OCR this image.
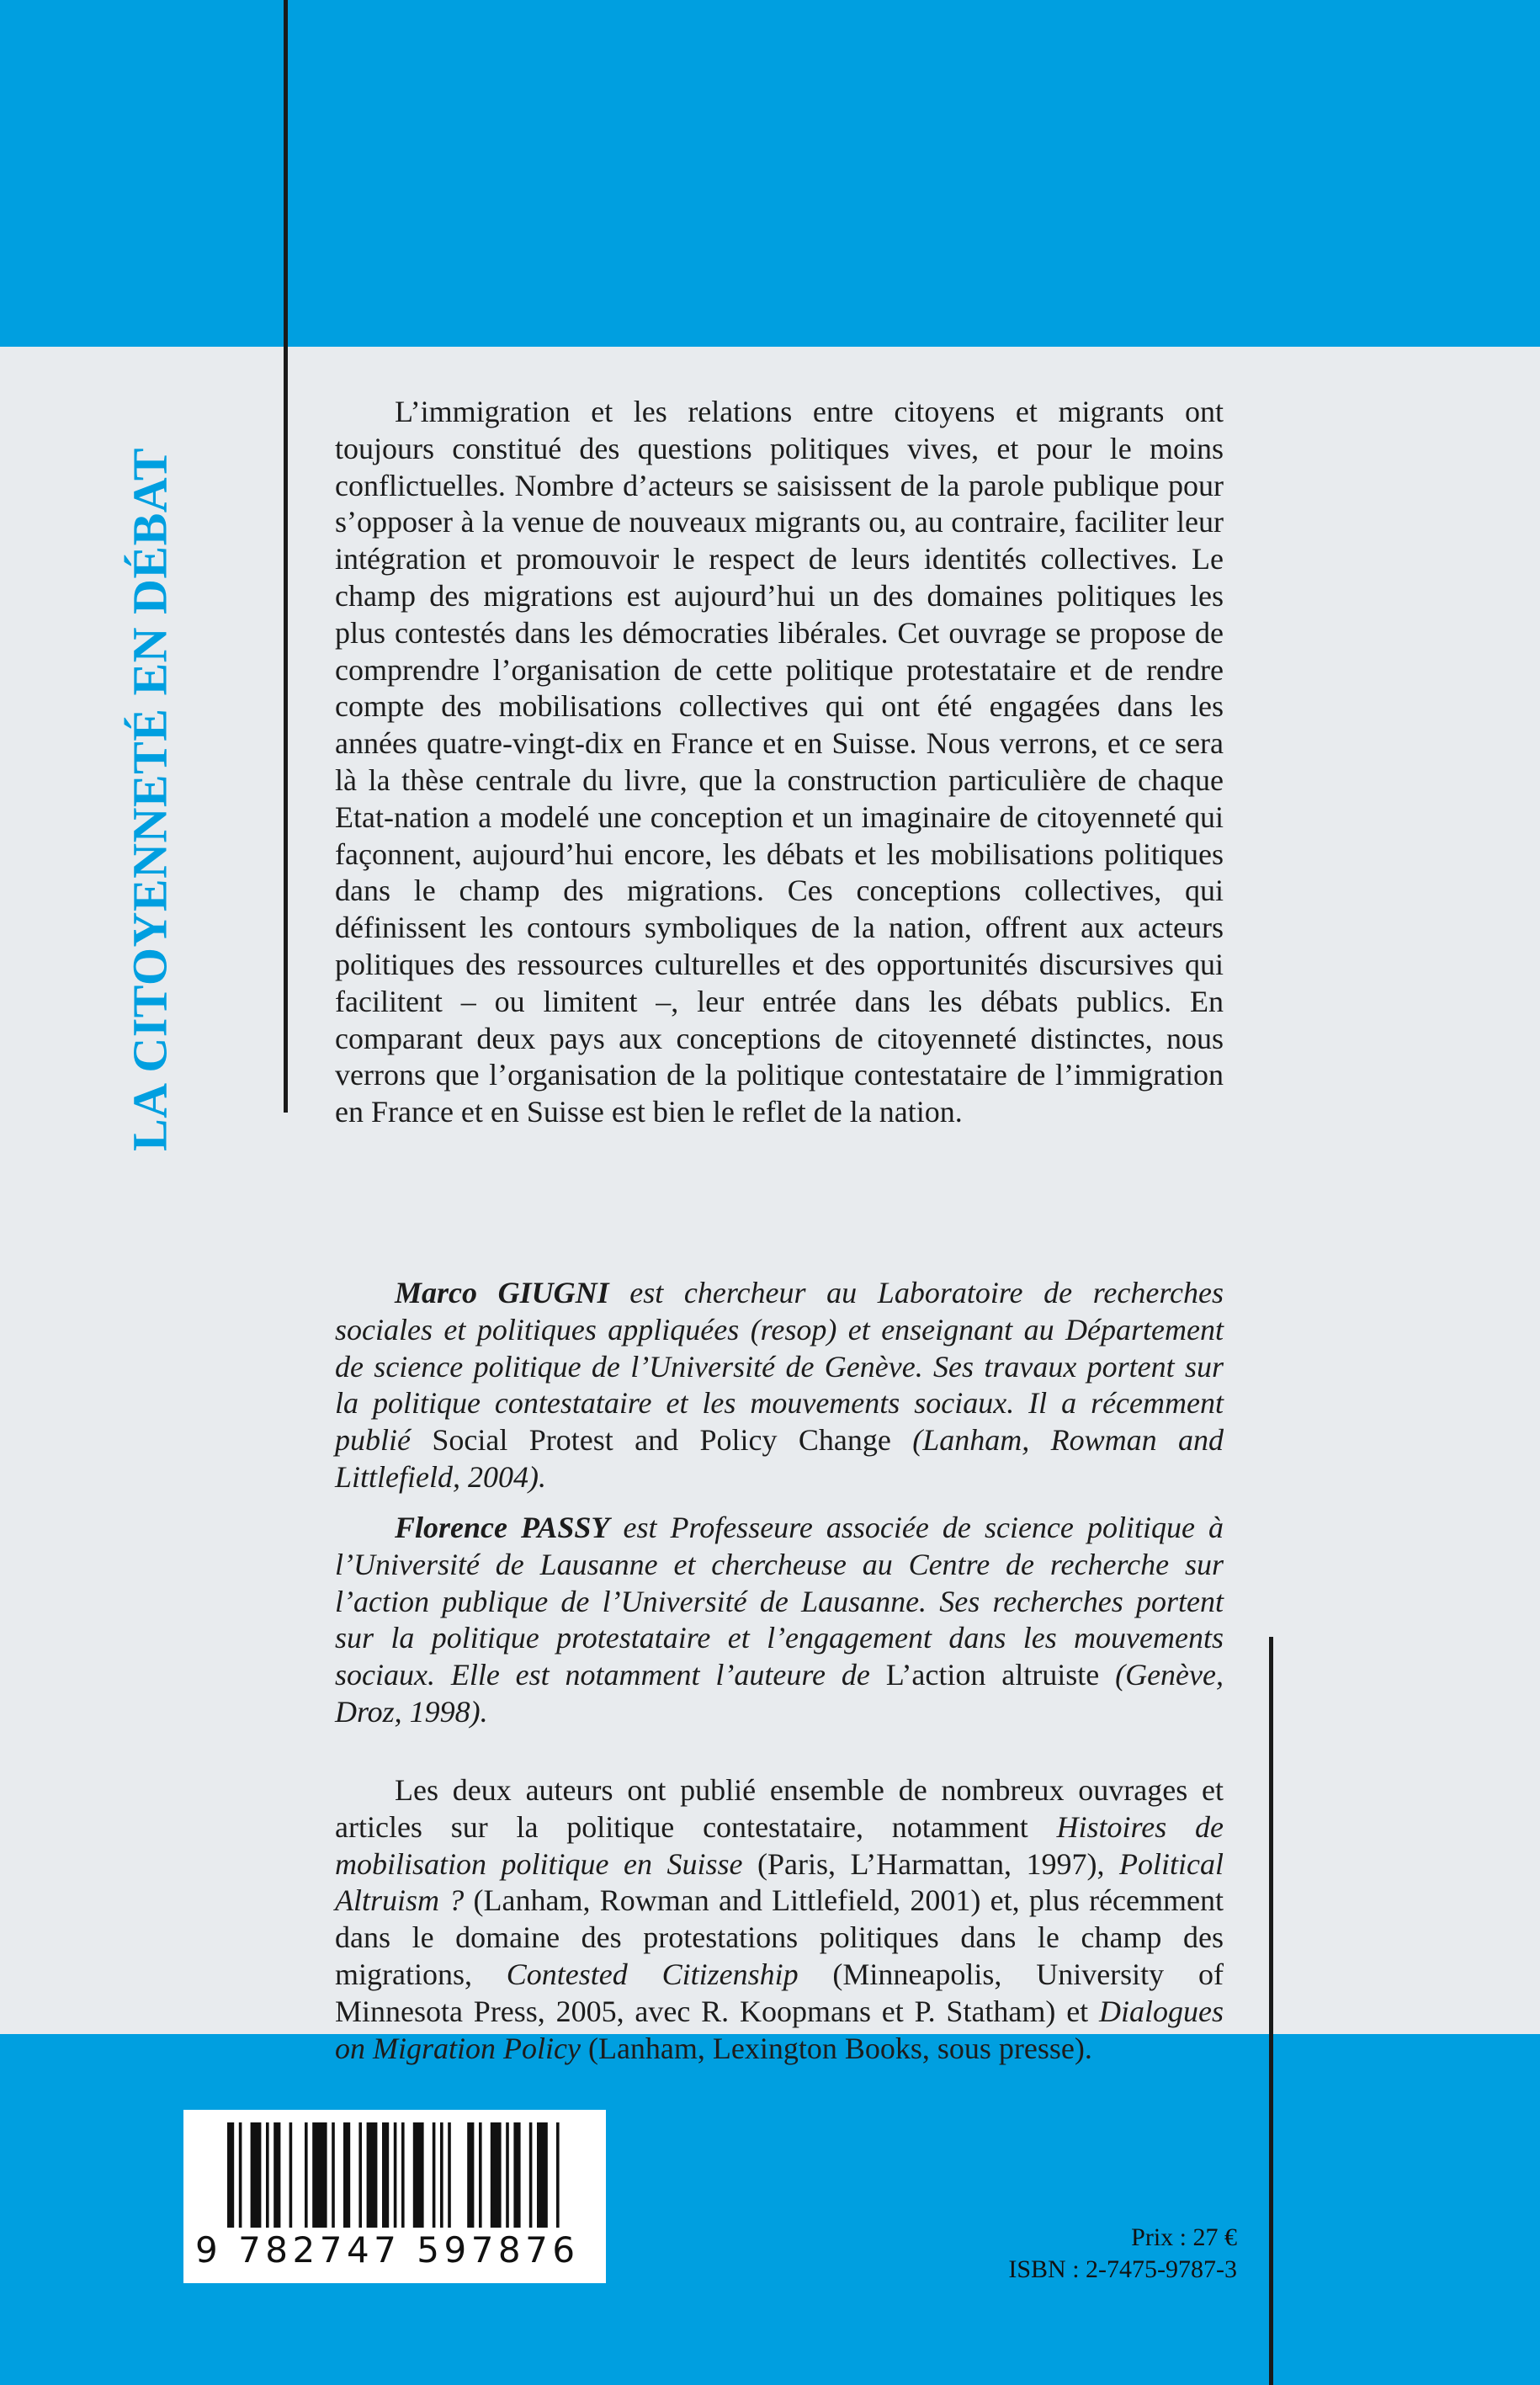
LA CITOYENNETÉ EN DÉBAT

L’immigration et les relations entre citoyens et migrants ont toujours constitué des questions politiques vives, et pour le moins conflictuelles. Nombre d’acteurs se saisissent de la parole publique pour s’opposer à la venue de nouveaux migrants ou, au contraire, faciliter leur intégration et promouvoir le respect de leurs identités collectives. Le champ des migrations est aujourd’hui un des domaines politiques les plus contestés dans les démocraties libérales. Cet ouvrage se propose de comprendre l’organisation de cette politique protestataire et de rendre compte des mobilisations collectives qui ont été engagées dans les années quatre-vingt-dix en France et en Suisse. Nous verrons, et ce sera là la thèse centrale du livre, que la construction particulière de chaque Etat-nation a modelé une conception et un imaginaire de citoyenneté qui façonnent, aujourd’hui encore, les débats et les mobilisations politiques dans le champ des migrations. Ces conceptions collectives, qui définissent les contours symboliques de la nation, offrent aux acteurs politiques des ressources culturelles et des opportunités discursives qui facilitent – ou limitent –, leur entrée dans les débats publics. En comparant deux pays aux conceptions de citoyenneté distinctes, nous verrons que l’organisation de la politique contestataire de l’immigration en France et en Suisse est bien le reflet de la nation.

Marco GIUGNI est chercheur au Laboratoire de recherches sociales et politiques appliquées (resop) et enseignant au Département de science politique de l’Université de Genève. Ses travaux portent sur la politique contestataire et les mouvements sociaux. Il a récemment publié Social Protest and Policy Change (Lanham, Rowman and Littlefield, 2004).

Florence PASSY est Professeure associée de science politique à l’Université de Lausanne et chercheuse au Centre de recherche sur l’action publique de l’Université de Lausanne. Ses recherches portent sur la politique protestataire et l’engagement dans les mouvements sociaux. Elle est notamment l’auteure de L’action altruiste (Genève, Droz, 1998).

Les deux auteurs ont publié ensemble de nombreux ouvrages et articles sur la politique contestataire, notamment Histoires de mobilisation politique en Suisse (Paris, L’Harmattan, 1997), Political Altruism ? (Lanham, Rowman and Littlefield, 2001) et, plus récemment dans le domaine des protestations politiques dans le champ des migrations, Contested Citizenship (Minneapolis, University of Minnesota Press, 2005, avec R. Koopmans et P. Statham) et Dialogues on Migration Policy (Lanham, Lexington Books, sous presse).

9 782747 597876	Prix : 27 €
ISBN : 2-7475-9787-3
